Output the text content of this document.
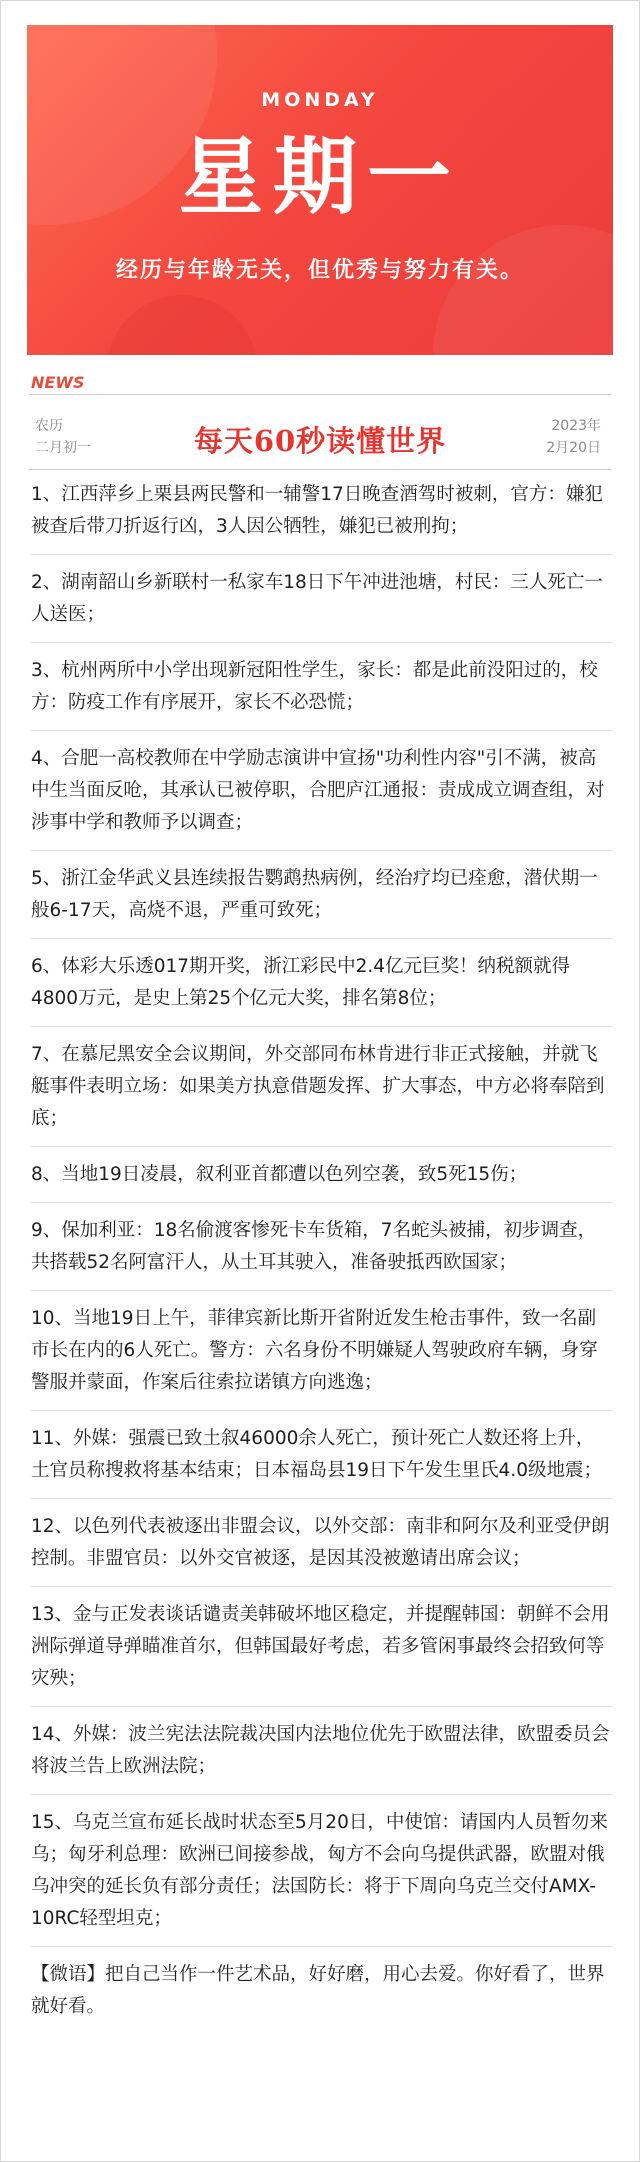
MONDAY
星期一
经历与年龄无关，但优秀与努力有关。
NEWS
农历
二月初一	每天60秒读懂世界	2023年
2月20日

1、江西萍乡上栗县两民警和一辅警17日晚查酒驾时被刺，官方：嫌犯被查后带刀折返行凶，3人因公牺牲，嫌犯已被刑拘；

2、湖南韶山乡新联村一私家车18日下午冲进池塘，村民：三人死亡一人送医；

3、杭州两所中小学出现新冠阳性学生，家长：都是此前没阳过的，校方：防疫工作有序展开，家长不必恐慌；

4、合肥一高校教师在中学励志演讲中宣扬"功利性内容"引不满，被高中生当面反呛，其承认已被停职，合肥庐江通报：责成成立调查组，对涉事中学和教师予以调查；

5、浙江金华武义县连续报告鹦鹉热病例，经治疗均已痊愈，潜伏期一般6-17天，高烧不退，严重可致死；

6、体彩大乐透017期开奖，浙江彩民中2.4亿元巨奖！纳税额就得4800万元，是史上第25个亿元大奖，排名第8位；

7、在慕尼黑安全会议期间，外交部同布林肯进行非正式接触，并就飞艇事件表明立场：如果美方执意借题发挥、扩大事态，中方必将奉陪到底；

8、当地19日凌晨，叙利亚首都遭以色列空袭，致5死15伤；

9、保加利亚：18名偷渡客惨死卡车货箱，7名蛇头被捕，初步调查，共搭载52名阿富汗人，从土耳其驶入，准备驶抵西欧国家；

10、当地19日上午，菲律宾新比斯开省附近发生枪击事件，致一名副市长在内的6人死亡。警方：六名身份不明嫌疑人驾驶政府车辆，身穿警服并蒙面，作案后往索拉诺镇方向逃逸；

11、外媒：强震已致土叙46000余人死亡，预计死亡人数还将上升，土官员称搜救将基本结束；日本福岛县19日下午发生里氏4.0级地震；

12、以色列代表被逐出非盟会议，以外交部：南非和阿尔及利亚受伊朗控制。非盟官员：以外交官被逐，是因其没被邀请出席会议；

13、金与正发表谈话谴责美韩破坏地区稳定，并提醒韩国：朝鲜不会用洲际弹道导弹瞄准首尔，但韩国最好考虑，若多管闲事最终会招致何等灾殃；

14、外媒：波兰宪法法院裁决国内法地位优先于欧盟法律，欧盟委员会将波兰告上欧洲法院；

15、乌克兰宣布延长战时状态至5月20日，中使馆：请国内人员暂勿来乌；匈牙利总理：欧洲已间接参战，匈方不会向乌提供武器，欧盟对俄乌冲突的延长负有部分责任；法国防长：将于下周向乌克兰交付AMX-10RC轻型坦克；

【微语】把自己当作一件艺术品，好好磨，用心去爱。你好看了，世界就好看。
